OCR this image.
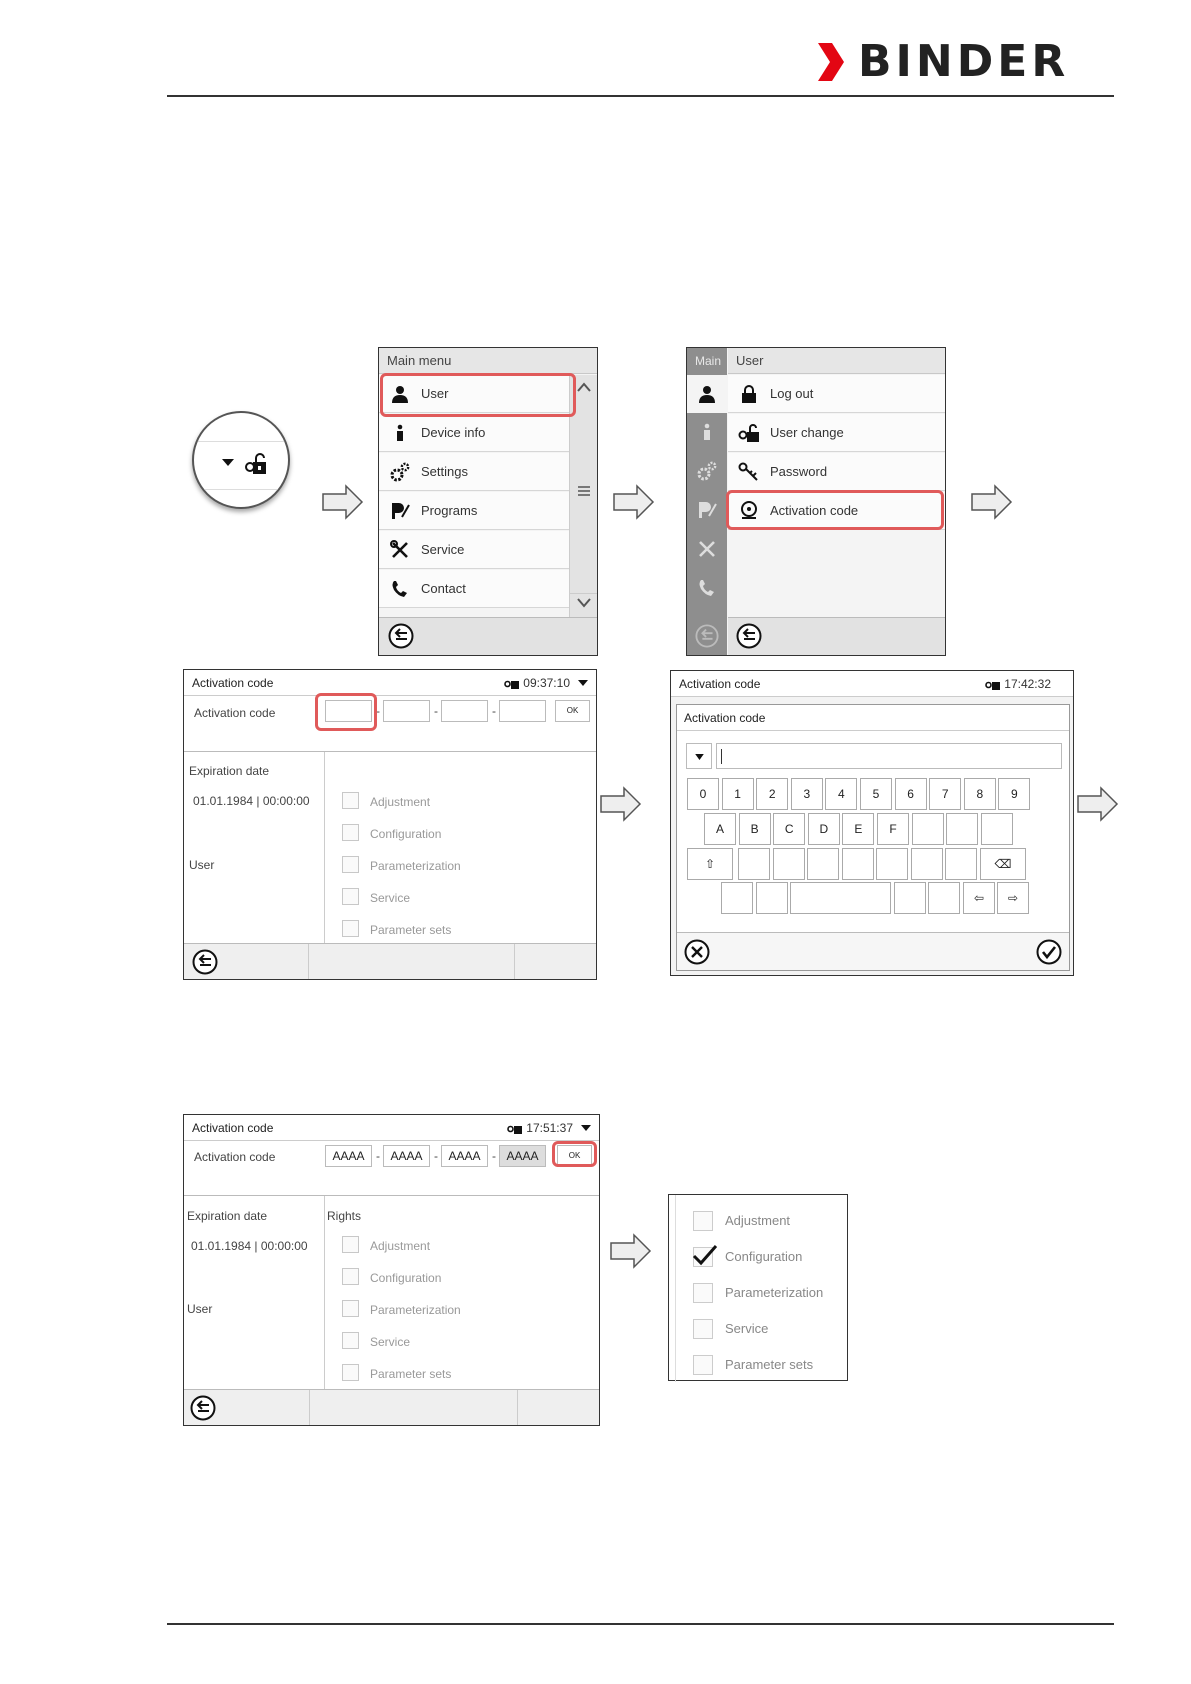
BINDER
Main menu
User
Device info
Settings
Programs
Service
Contact
Main	User
Log out
User change
Password
Activation code
Activation code	09:37:10
Activation code	-	-	-	OK
Expiration date
01.01.1984 | 00:00:00
User
Adjustment
Configuration
Parameterization
Service
Parameter sets
Activation code	17:42:32
Activation code
0	1	2	3	4	5	6	7	8	9
A	B	C	D	E	F
⇧	⌫
⇦	⇨
Activation code	17:51:37
Activation code	AAAA - AAAA - AAAA - AAAA	OK
Expiration date	Rights
01.01.1984 | 00:00:00
User
Adjustment
Configuration
Parameterization
Service
Parameter sets
Adjustment
Configuration
Parameterization
Service
Parameter sets
